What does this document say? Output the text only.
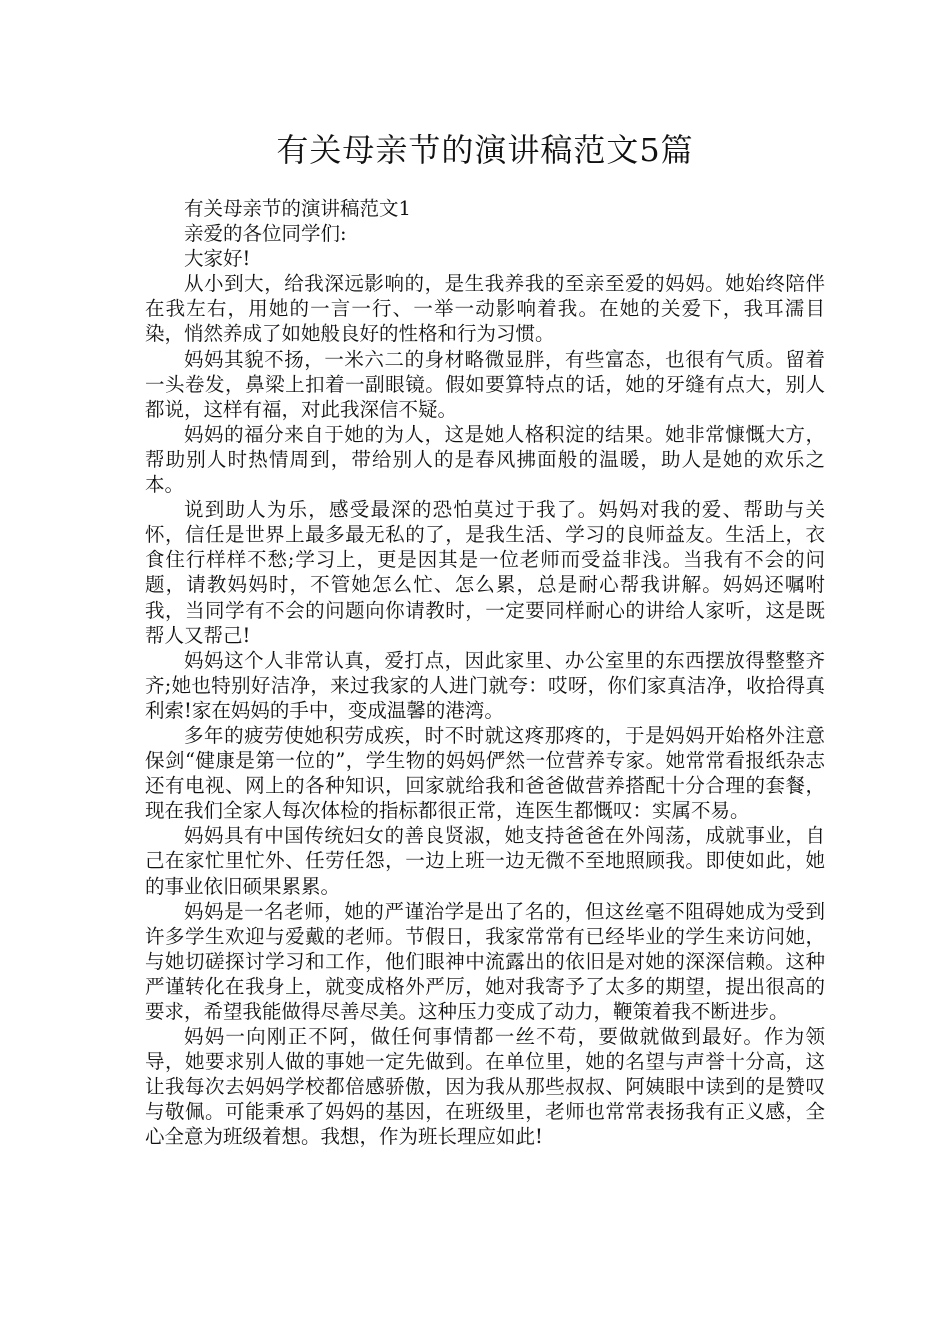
有关母亲节的演讲稿范文5篇

有关母亲节的演讲稿范文1

亲爱的各位同学们:

大家好!

从小到大，给我深远影响的，是生我养我的至亲至爱的妈妈。她始终陪伴在我左右，用她的一言一行、一举一动影响着我。在她的关爱下，我耳濡目染，悄然养成了如她般良好的性格和行为习惯。

妈妈其貌不扬，一米六二的身材略微显胖，有些富态，也很有气质。留着一头卷发，鼻梁上扣着一副眼镜。假如要算特点的话，她的牙缝有点大，别人都说，这样有福，对此我深信不疑。

妈妈的福分来自于她的为人，这是她人格积淀的结果。她非常慷慨大方，帮助别人时热情周到，带给别人的是春风拂面般的温暖，助人是她的欢乐之本。

说到助人为乐，感受最深的恐怕莫过于我了。妈妈对我的爱、帮助与关怀，信任是世界上最多最无私的了，是我生活、学习的良师益友。生活上，衣食住行样样不愁;学习上，更是因其是一位老师而受益非浅。当我有不会的问题，请教妈妈时，不管她怎么忙、怎么累，总是耐心帮我讲解。妈妈还嘱咐我，当同学有不会的问题向你请教时，一定要同样耐心的讲给人家听，这是既帮人又帮己!

妈妈这个人非常认真，爱打点，因此家里、办公室里的东西摆放得整整齐齐;她也特别好洁净，来过我家的人进门就夸：哎呀，你们家真洁净，收拾得真利索!家在妈妈的手中，变成温馨的港湾。

多年的疲劳使她积劳成疾，时不时就这疼那疼的，于是妈妈开始格外注意保剑“健康是第一位的”，学生物的妈妈俨然一位营养专家。她常常看报纸杂志还有电视、网上的各种知识，回家就给我和爸爸做营养搭配十分合理的套餐，现在我们全家人每次体检的指标都很正常，连医生都慨叹：实属不易。

妈妈具有中国传统妇女的善良贤淑，她支持爸爸在外闯荡，成就事业，自己在家忙里忙外、任劳任怨，一边上班一边无微不至地照顾我。即使如此，她的事业依旧硕果累累。

妈妈是一名老师，她的严谨治学是出了名的，但这丝毫不阻碍她成为受到许多学生欢迎与爱戴的老师。节假日，我家常常有已经毕业的学生来访问她，与她切磋探讨学习和工作，他们眼神中流露出的依旧是对她的深深信赖。这种严谨转化在我身上，就变成格外严厉，她对我寄予了太多的期望，提出很高的要求，希望我能做得尽善尽美。这种压力变成了动力，鞭策着我不断进步。

妈妈一向刚正不阿，做任何事情都一丝不苟，要做就做到最好。作为领导，她要求别人做的事她一定先做到。在单位里，她的名望与声誉十分高，这让我每次去妈妈学校都倍感骄傲，因为我从那些叔叔、阿姨眼中读到的是赞叹与敬佩。可能秉承了妈妈的基因，在班级里，老师也常常表扬我有正义感，全心全意为班级着想。我想，作为班长理应如此!
